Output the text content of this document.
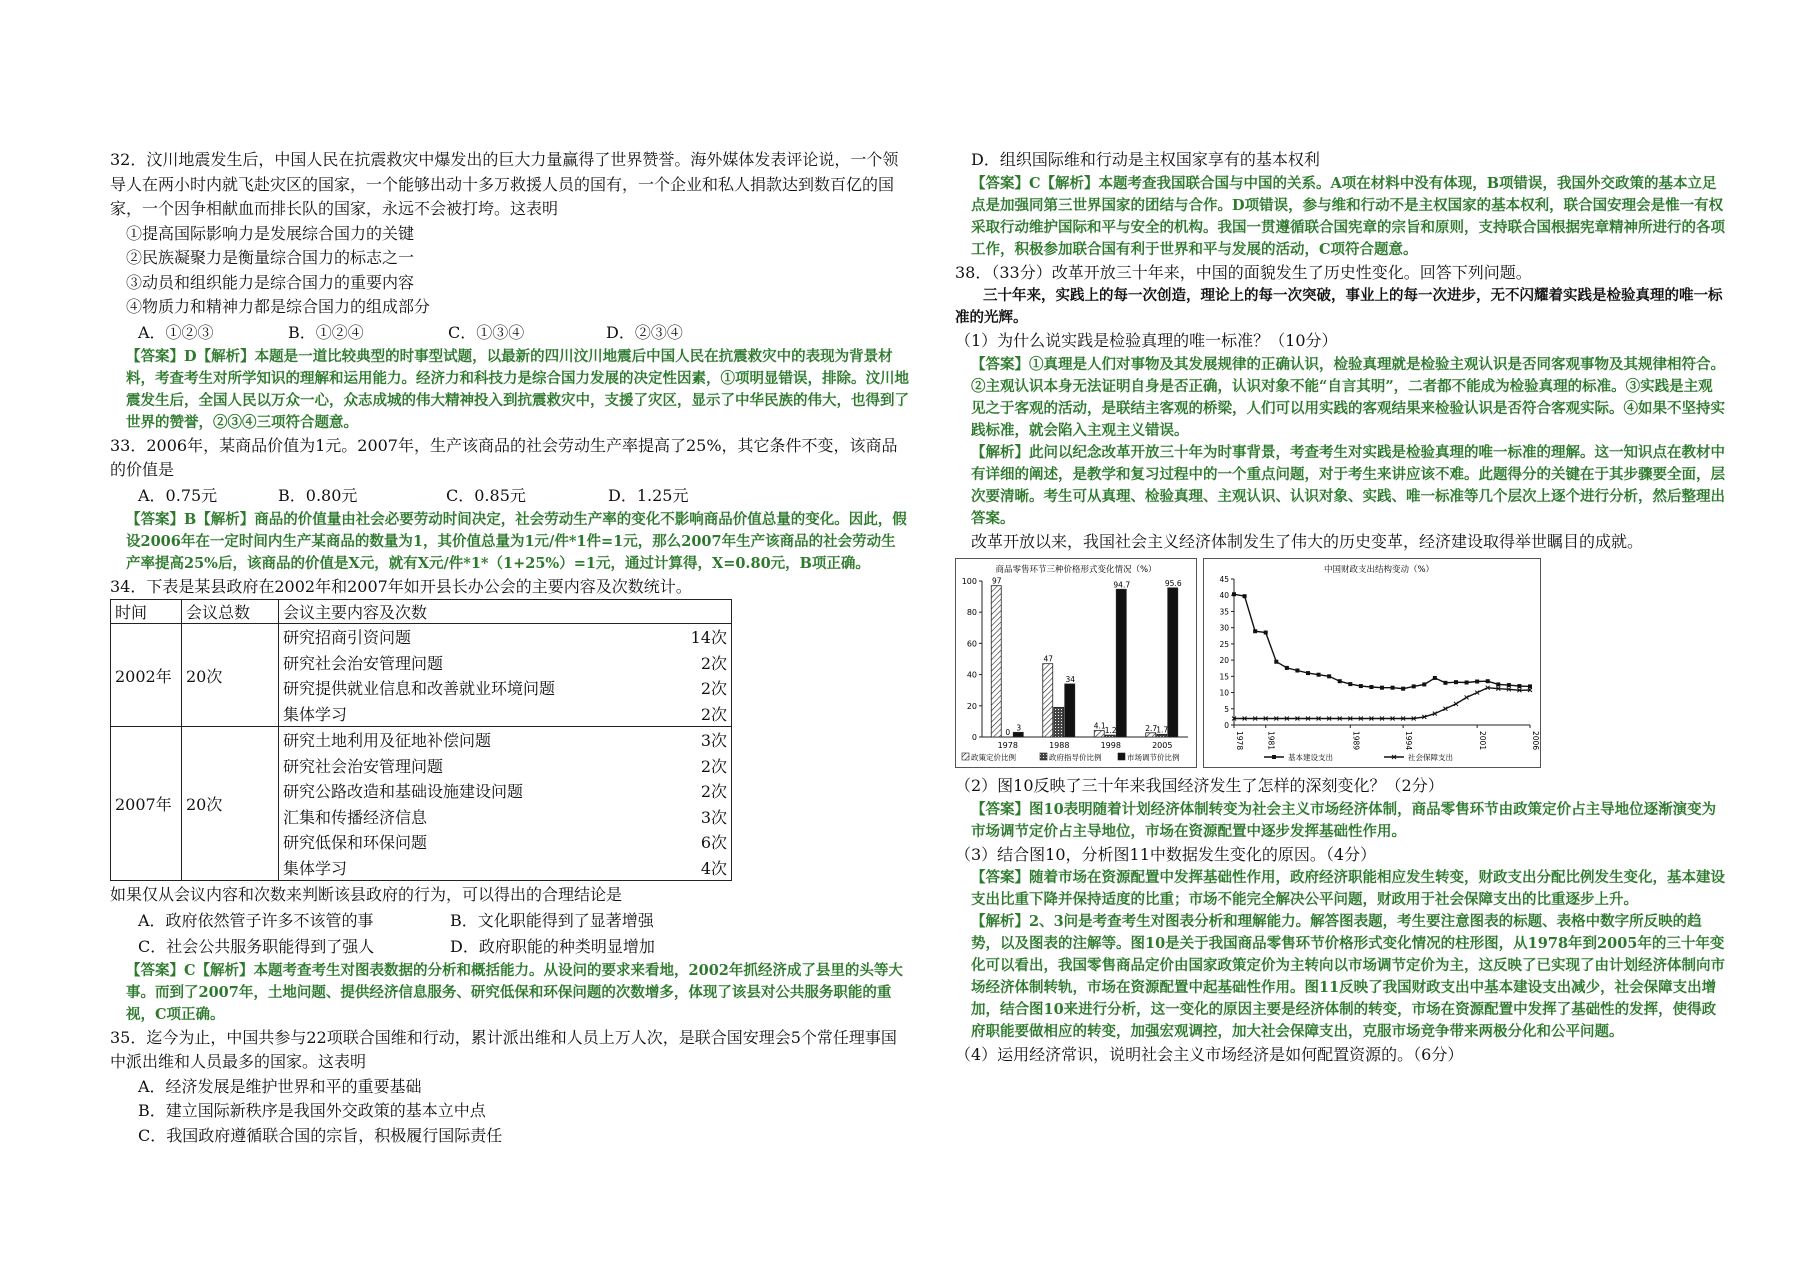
32．汶川地震发生后，中国人民在抗震救灾中爆发出的巨大力量赢得了世界赞誉。海外媒体发表评论说，一个领导人在两小时内就飞赴灾区的国家，一个能够出动十多万救援人员的国有，一个企业和私人捐款达到数百亿的国家，一个因争相献血而排长队的国家，永远不会被打垮。这表明

①提高国际影响力是发展综合国力的关键

②民族凝聚力是衡量综合国力的标志之一

③动员和组织能力是综合国力的重要内容

④物质力和精神力都是综合国力的组成部分

A．①②③	B．①②④	C．①③④	D．②③④

【答案】D【解析】本题是一道比较典型的时事型试题，以最新的四川汶川地震后中国人民在抗震救灾中的表现为背景材料，考查考生对所学知识的理解和运用能力。经济力和科技力是综合国力发展的决定性因素，①项明显错误，排除。汶川地震发生后，全国人民以万众一心，众志成城的伟大精神投入到抗震救灾中，支援了灾区，显示了中华民族的伟大，也得到了世界的赞誉，②③④三项符合题意。

33．2006年，某商品价值为1元。2007年，生产该商品的社会劳动生产率提高了25%，其它条件不变，该商品的价值是

A．0.75元	B．0.80元	C．0.85元	D．1.25元

【答案】B【解析】商品的价值量由社会必要劳动时间决定，社会劳动生产率的变化不影响商品价值总量的变化。因此，假设2006年在一定时间内生产某商品的数量为1，其价值总量为1元/件*1件=1元，那么2007年生产该商品的社会劳动生产率提高25%后，该商品的价值是X元，就有X元/件*1*（1+25%）=1元，通过计算得，X=0.80元，B项正确。

34．下表是某县政府在2002年和2007年如开县长办公会的主要内容及次数统计。

时间	会议总数	会议主要内容及次数
2002年	20次	
研究招商引资问题	14次
研究社会治安管理问题	2次
研究提供就业信息和改善就业环境问题	2次
集体学习	2次

2007年	20次	
研究土地利用及征地补偿问题	3次
研究社会治安管理问题	2次
研究公路改造和基础设施建设问题	2次
汇集和传播经济信息	3次
研究低保和环保问题	6次
集体学习	4次

如果仅从会议内容和次数来判断该县政府的行为，可以得出的合理结论是

A．政府依然管子许多不该管的事	B．文化职能得到了显著增强
C．社会公共服务职能得到了强人	D．政府职能的种类明显增加

【答案】C【解析】本题考查考生对图表数据的分析和概括能力。从设问的要求来看地，2002年抓经济成了县里的头等大事。而到了2007年，土地问题、提供经济信息服务、研究低保和环保问题的次数增多，体现了该县对公共服务职能的重视，C项正确。

35．迄今为止，中国共参与22项联合国维和行动，累计派出维和人员上万人次，是联合国安理会5个常任理事国中派出维和人员最多的国家。这表明

A．经济发展是维护世界和平的重要基础

B．建立国际新秩序是我国外交政策的基本立中点

C．我国政府遵循联合国的宗旨，积极履行国际责任

D．组织国际维和行动是主权国家享有的基本权利

【答案】C【解析】本题考查我国联合国与中国的关系。A项在材料中没有体现，B项错误，我国外交政策的基本立足点是加强同第三世界国家的团结与合作。D项错误，参与维和行动不是主权国家的基本权利，联合国安理会是惟一有权采取行动维护国际和平与安全的机构。我国一贯遵循联合国宪章的宗旨和原则，支持联合国根据宪章精神所进行的各项工作，积极参加联合国有利于世界和平与发展的活动，C项符合题意。

38．（33分）改革开放三十年来，中国的面貌发生了历史性变化。回答下列问题。

三十年来，实践上的每一次创造，理论上的每一次突破，事业上的每一次进步，无不闪耀着实践是检验真理的唯一标准的光辉。

（1）为什么说实践是检验真理的唯一标准？（10分）

【答案】①真理是人们对事物及其发展规律的正确认识，检验真理就是检验主观认识是否同客观事物及其规律相符合。②主观认识本身无法证明自身是否正确，认识对象不能“自言其明”，二者都不能成为检验真理的标准。③实践是主观见之于客观的活动，是联结主客观的桥梁，人们可以用实践的客观结果来检验认识是否符合客观实际。④如果不坚持实践标准，就会陷入主观主义错误。

【解析】此问以纪念改革开放三十年为时事背景，考查考生对实践是检验真理的唯一标准的理解。这一知识点在教材中有详细的阐述，是教学和复习过程中的一个重点问题，对于考生来讲应该不难。此题得分的关键在于其步骤要全面，层次要清晰。考生可从真理、检验真理、主观认识、认识对象、实践、唯一标准等几个层次上逐个进行分析，然后整理出答案。

改革开放以来，我国社会主义经济体制发生了伟大的历史变革，经济建设取得举世瞩目的成就。

商品零售环节三种价格形式变化情况（%）
0
20
40
60
80
100 97
0
3
1978
47
34
1988
4.1
1.2
94.7
1998
2.7 1.7
95.6
2005
政策定价比例	政府指导价比例	市场调节价比例
中国财政支出结构变动（%）
0
5
10
15
20
25
30
35
40
45
1978	1981	1989	1994	2001	2006
基本建设支出	社会保障支出

（2）图10反映了三十年来我国经济发生了怎样的深刻变化？（2分）

【答案】图10表明随着计划经济体制转变为社会主义市场经济体制，商品零售环节由政策定价占主导地位逐渐演变为市场调节定价占主导地位，市场在资源配置中逐步发挥基础性作用。

（3）结合图10，分析图11中数据发生变化的原因。（4分）

【答案】随着市场在资源配置中发挥基础性作用，政府经济职能相应发生转变，财政支出分配比例发生变化，基本建设支出比重下降并保持适度的比重；市场不能完全解决公平问题，财政用于社会保障支出的比重逐步上升。

【解析】2、3问是考查考生对图表分析和理解能力。解答图表题，考生要注意图表的标题、表格中数字所反映的趋势，以及图表的注解等。图10是关于我国商品零售环节价格形式变化情况的柱形图，从1978年到2005年的三十年变化可以看出，我国零售商品定价由国家政策定价为主转向以市场调节定价为主，这反映了已实现了由计划经济体制向市场经济体制转轨，市场在资源配置中起基础性作用。图11反映了我国财政支出中基本建设支出减少，社会保障支出增加，结合图10来进行分析，这一变化的原因主要是经济体制的转变，市场在资源配置中发挥了基础性的发挥，使得政府职能要做相应的转变，加强宏观调控，加大社会保障支出，克服市场竞争带来两极分化和公平问题。

（4）运用经济常识，说明社会主义市场经济是如何配置资源的。（6分）
